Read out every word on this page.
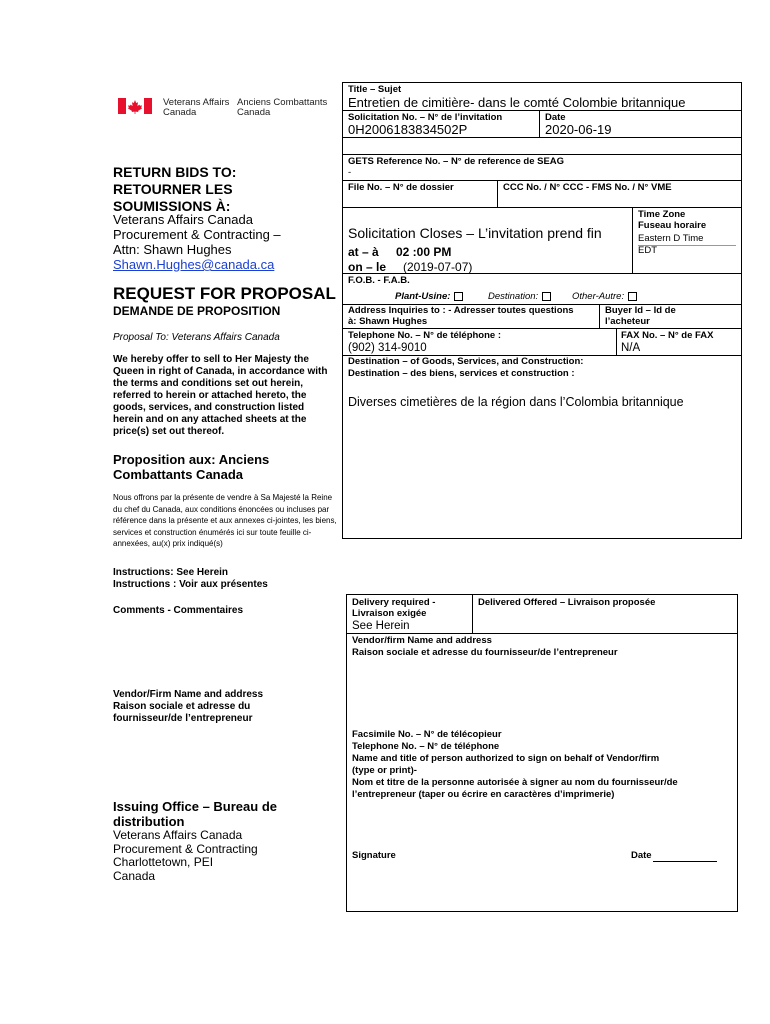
Veterans Affairs
Canada
Anciens Combattants
Canada
RETURN BIDS TO:
RETOURNER LES
SOUMISSIONS À:
Veterans Affairs Canada
Procurement & Contracting –
Attn: Shawn Hughes
Shawn.Hughes@canada.ca
REQUEST FOR PROPOSAL
DEMANDE DE PROPOSITION
Proposal To: Veterans Affairs Canada
We hereby offer to sell to Her Majesty the Queen in right of Canada, in accordance with the terms and conditions set out herein, referred to herein or attached hereto, the goods, services, and construction listed herein and on any attached sheets at the price(s) set out thereof.
Proposition aux: Anciens
Combattants Canada
Nous offrons par la présente de vendre à Sa Majesté la Reine du chef du Canada, aux conditions énoncées ou incluses par référence dans la présente et aux annexes ci-jointes, les biens, services et construction énumérés ici sur toute feuille ci-annexées, au(x) prix indiqué(s)
Instructions: See Herein
Instructions : Voir aux présentes
Comments - Commentaires
Vendor/Firm Name and address
Raison sociale et adresse du
fournisseur/de l’entrepreneur
Issuing Office – Bureau de
distribution
Veterans Affairs Canada
Procurement & Contracting
Charlottetown, PEI
Canada
Title – Sujet
Entretien de cimitière- dans le comté Colombie britannique
Solicitation No. – N° de l’invitation
0H2006183834502P
Date
2020-06-19
GETS Reference No. – N° de reference de SEAG
-
File No. – N° de dossier	CCC No. / N° CCC - FMS No. / N° VME
Solicitation Closes – L’invitation prend fin
at – à 02 :00 PM
on – le (2019-07-07)
Time Zone
Fuseau horaire
Eastern D Time
EDT
F.O.B. - F.A.B.
Plant-Usine:	Destination:	Other-Autre:
Address Inquiries to : - Adresser toutes questions
à: Shawn Hughes
Buyer Id – Id de
l’acheteur
Telephone No. – N° de téléphone :
(902) 314-9010
FAX No. – N° de FAX
N/A
Destination – of Goods, Services, and Construction:
Destination – des biens, services et construction :
Diverses cimetières de la région dans l’Colombia britannique
Delivery required -
Livraison exigée
See Herein
Delivered Offered – Livraison proposée
Vendor/firm Name and address
Raison sociale et adresse du fournisseur/de l’entrepreneur
Facsimile No. – N° de télécopieur
Telephone No. – N° de téléphone
Name and title of person authorized to sign on behalf of Vendor/firm
(type or print)-
Nom et titre de la personne autorisée à signer au nom du fournisseur/de
l’entrepreneur (taper ou écrire en caractères d’imprimerie)
Signature	Date
